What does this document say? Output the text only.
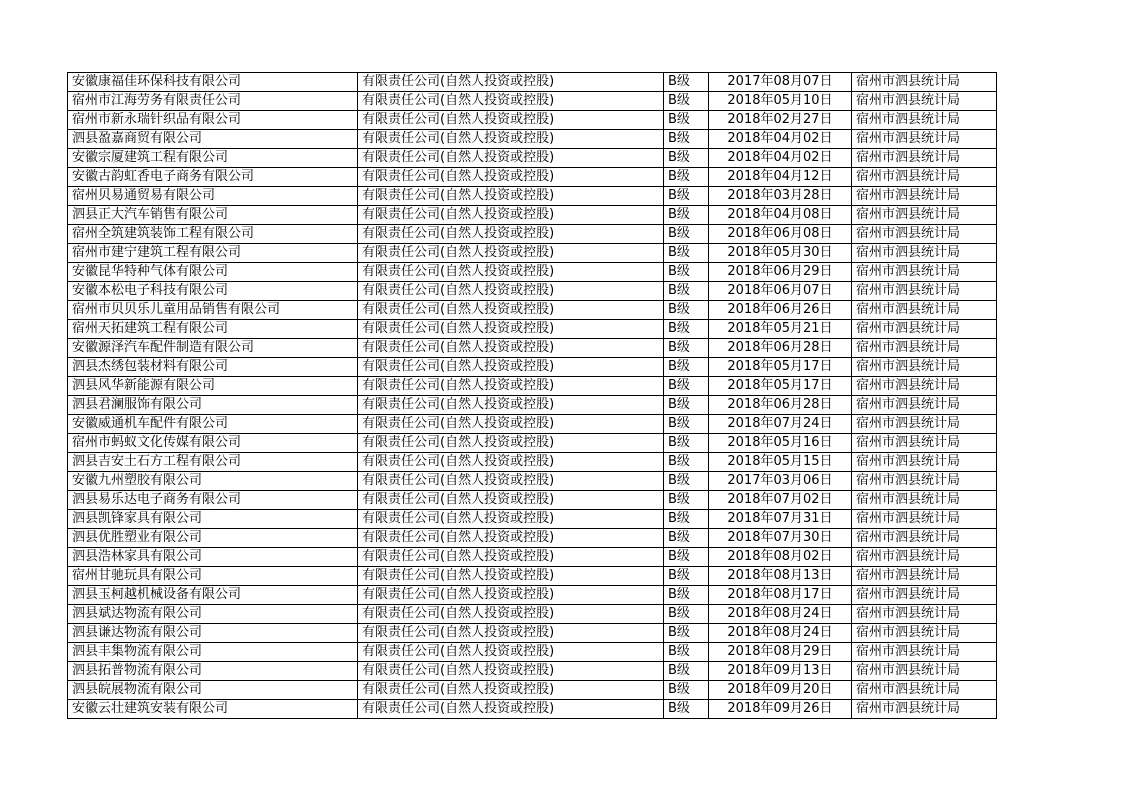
安徽康福佳环保科技有限公司	有限责任公司(自然人投资或控股)	B级	2017年08月07日	宿州市泗县统计局
宿州市江海劳务有限责任公司	有限责任公司(自然人投资或控股)	B级	2018年05月10日	宿州市泗县统计局
宿州市新永瑞针织品有限公司	有限责任公司(自然人投资或控股)	B级	2018年02月27日	宿州市泗县统计局
泗县盈嘉商贸有限公司	有限责任公司(自然人投资或控股)	B级	2018年04月02日	宿州市泗县统计局
安徽宗厦建筑工程有限公司	有限责任公司(自然人投资或控股)	B级	2018年04月02日	宿州市泗县统计局
安徽古韵虹香电子商务有限公司	有限责任公司(自然人投资或控股)	B级	2018年04月12日	宿州市泗县统计局
宿州贝易通贸易有限公司	有限责任公司(自然人投资或控股)	B级	2018年03月28日	宿州市泗县统计局
泗县正大汽车销售有限公司	有限责任公司(自然人投资或控股)	B级	2018年04月08日	宿州市泗县统计局
宿州全筑建筑装饰工程有限公司	有限责任公司(自然人投资或控股)	B级	2018年06月08日	宿州市泗县统计局
宿州市建宁建筑工程有限公司	有限责任公司(自然人投资或控股)	B级	2018年05月30日	宿州市泗县统计局
安徽昆华特种气体有限公司	有限责任公司(自然人投资或控股)	B级	2018年06月29日	宿州市泗县统计局
安徽本松电子科技有限公司	有限责任公司(自然人投资或控股)	B级	2018年06月07日	宿州市泗县统计局
宿州市贝贝乐儿童用品销售有限公司	有限责任公司(自然人投资或控股)	B级	2018年06月26日	宿州市泗县统计局
宿州天拓建筑工程有限公司	有限责任公司(自然人投资或控股)	B级	2018年05月21日	宿州市泗县统计局
安徽源泽汽车配件制造有限公司	有限责任公司(自然人投资或控股)	B级	2018年06月28日	宿州市泗县统计局
泗县杰绣包装材料有限公司	有限责任公司(自然人投资或控股)	B级	2018年05月17日	宿州市泗县统计局
泗县风华新能源有限公司	有限责任公司(自然人投资或控股)	B级	2018年05月17日	宿州市泗县统计局
泗县君澜服饰有限公司	有限责任公司(自然人投资或控股)	B级	2018年06月28日	宿州市泗县统计局
安徽威通机车配件有限公司	有限责任公司(自然人投资或控股)	B级	2018年07月24日	宿州市泗县统计局
宿州市蚂蚁文化传媒有限公司	有限责任公司(自然人投资或控股)	B级	2018年05月16日	宿州市泗县统计局
泗县吉安土石方工程有限公司	有限责任公司(自然人投资或控股)	B级	2018年05月15日	宿州市泗县统计局
安徽九州塑胶有限公司	有限责任公司(自然人投资或控股)	B级	2017年03月06日	宿州市泗县统计局
泗县易乐达电子商务有限公司	有限责任公司(自然人投资或控股)	B级	2018年07月02日	宿州市泗县统计局
泗县凯锋家具有限公司	有限责任公司(自然人投资或控股)	B级	2018年07月31日	宿州市泗县统计局
泗县优胜塑业有限公司	有限责任公司(自然人投资或控股)	B级	2018年07月30日	宿州市泗县统计局
泗县浩林家具有限公司	有限责任公司(自然人投资或控股)	B级	2018年08月02日	宿州市泗县统计局
宿州甘驰玩具有限公司	有限责任公司(自然人投资或控股)	B级	2018年08月13日	宿州市泗县统计局
泗县玉柯越机械设备有限公司	有限责任公司(自然人投资或控股)	B级	2018年08月17日	宿州市泗县统计局
泗县斌达物流有限公司	有限责任公司(自然人投资或控股)	B级	2018年08月24日	宿州市泗县统计局
泗县谦达物流有限公司	有限责任公司(自然人投资或控股)	B级	2018年08月24日	宿州市泗县统计局
泗县丰集物流有限公司	有限责任公司(自然人投资或控股)	B级	2018年08月29日	宿州市泗县统计局
泗县拓普物流有限公司	有限责任公司(自然人投资或控股)	B级	2018年09月13日	宿州市泗县统计局
泗县皖展物流有限公司	有限责任公司(自然人投资或控股)	B级	2018年09月20日	宿州市泗县统计局
安徽云壮建筑安装有限公司	有限责任公司(自然人投资或控股)	B级	2018年09月26日	宿州市泗县统计局
